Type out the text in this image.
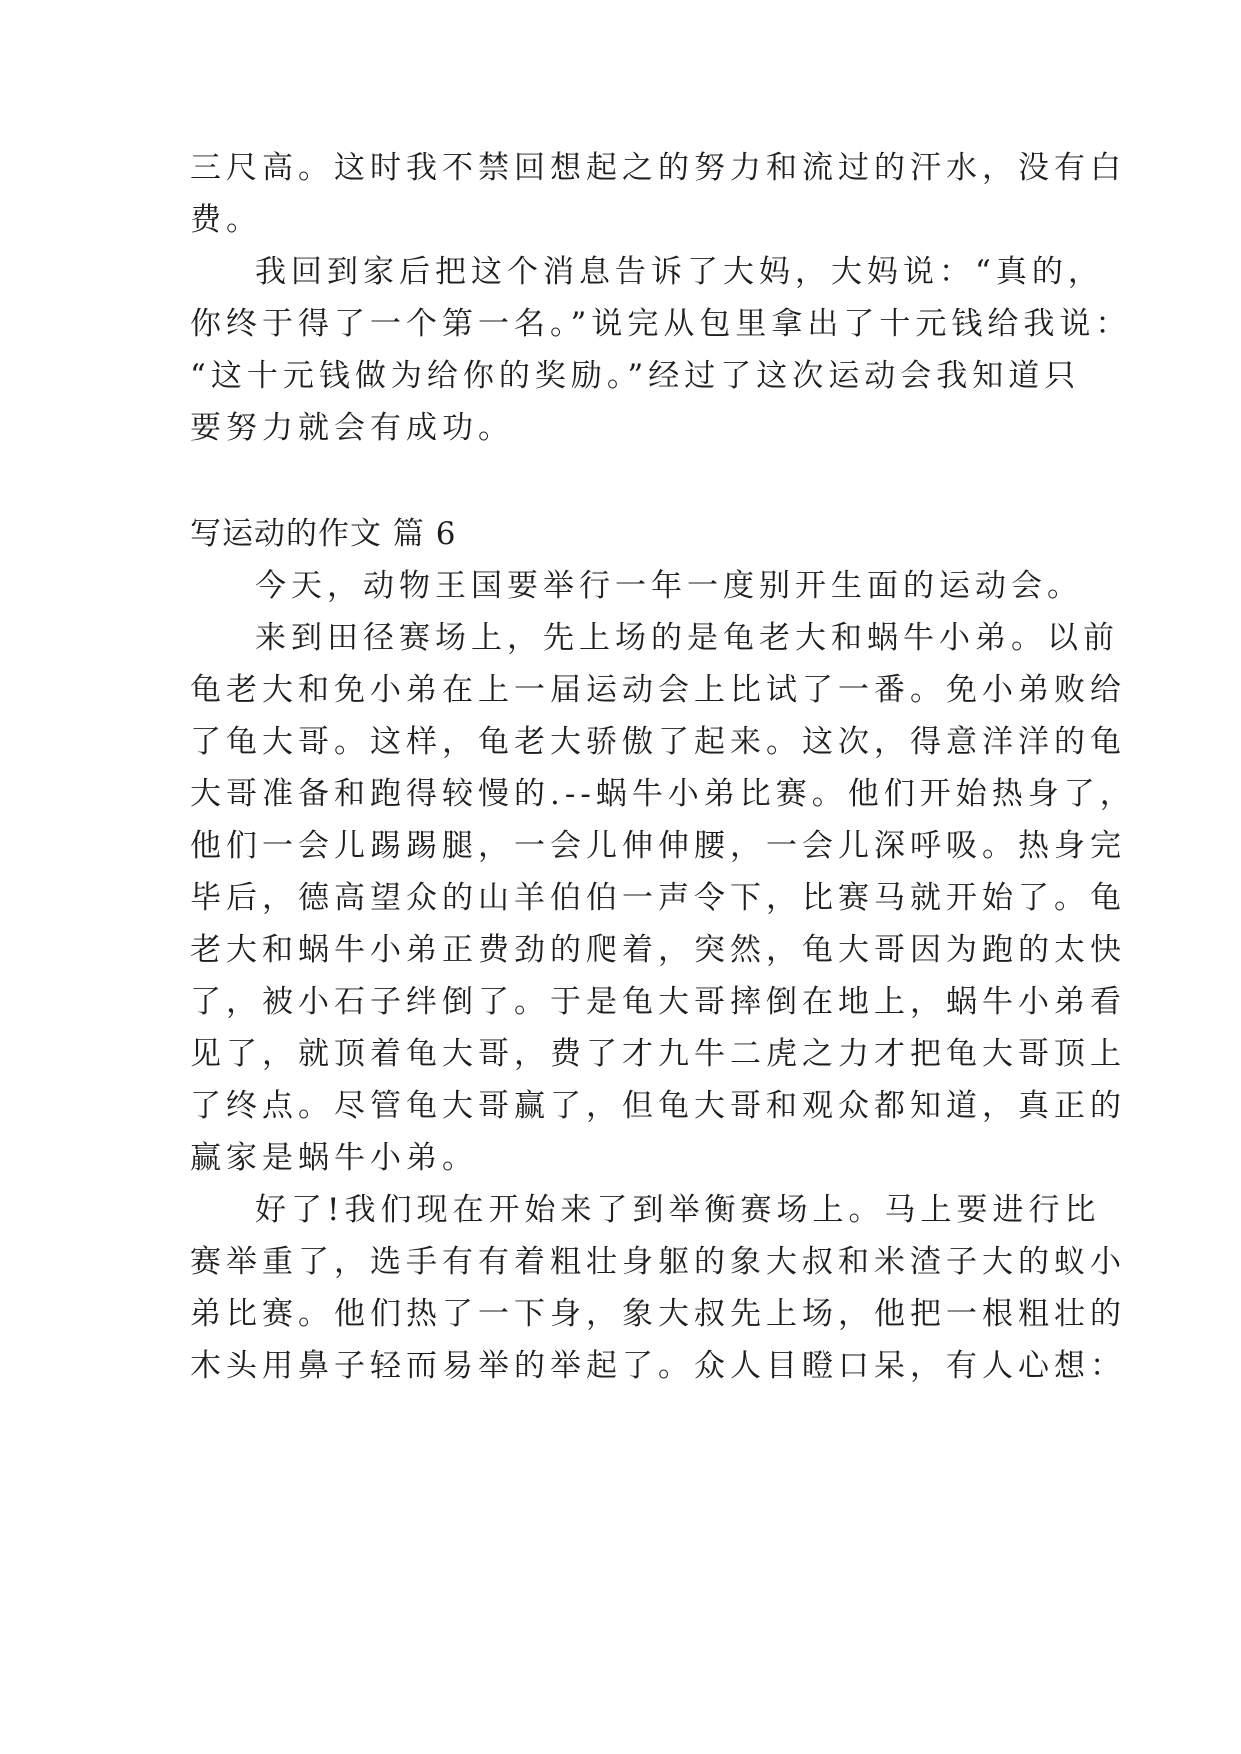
三尺高。这时我不禁回想起之的努力和流过的汗水，没有白
费。
我回到家后把这个消息告诉了大妈，大妈说：“真的，
你终于得了一个第一名。”说完从包里拿出了十元钱给我说：
“这十元钱做为给你的奖励。”经过了这次运动会我知道只
要努力就会有成功。
写运动的作文 篇 6
今天，动物王国要举行一年一度别开生面的运动会。
来到田径赛场上，先上场的是龟老大和蜗牛小弟。以前
龟老大和免小弟在上一届运动会上比试了一番。免小弟败给
了龟大哥。这样，龟老大骄傲了起来。这次，得意洋洋的龟
大哥准备和跑得较慢的.--蜗牛小弟比赛。他们开始热身了，
他们一会儿踢踢腿，一会儿伸伸腰，一会儿深呼吸。热身完
毕后，德高望众的山羊伯伯一声令下，比赛马就开始了。龟
老大和蜗牛小弟正费劲的爬着，突然，龟大哥因为跑的太快
了，被小石子绊倒了。于是龟大哥摔倒在地上，蜗牛小弟看
见了，就顶着龟大哥，费了才九牛二虎之力才把龟大哥顶上
了终点。尽管龟大哥赢了，但龟大哥和观众都知道，真正的
赢家是蜗牛小弟。
好了!我们现在开始来了到举衡赛场上。马上要进行比
赛举重了，选手有有着粗壮身躯的象大叔和米渣子大的蚁小
弟比赛。他们热了一下身，象大叔先上场，他把一根粗壮的
木头用鼻子轻而易举的举起了。众人目瞪口呆，有人心想：
